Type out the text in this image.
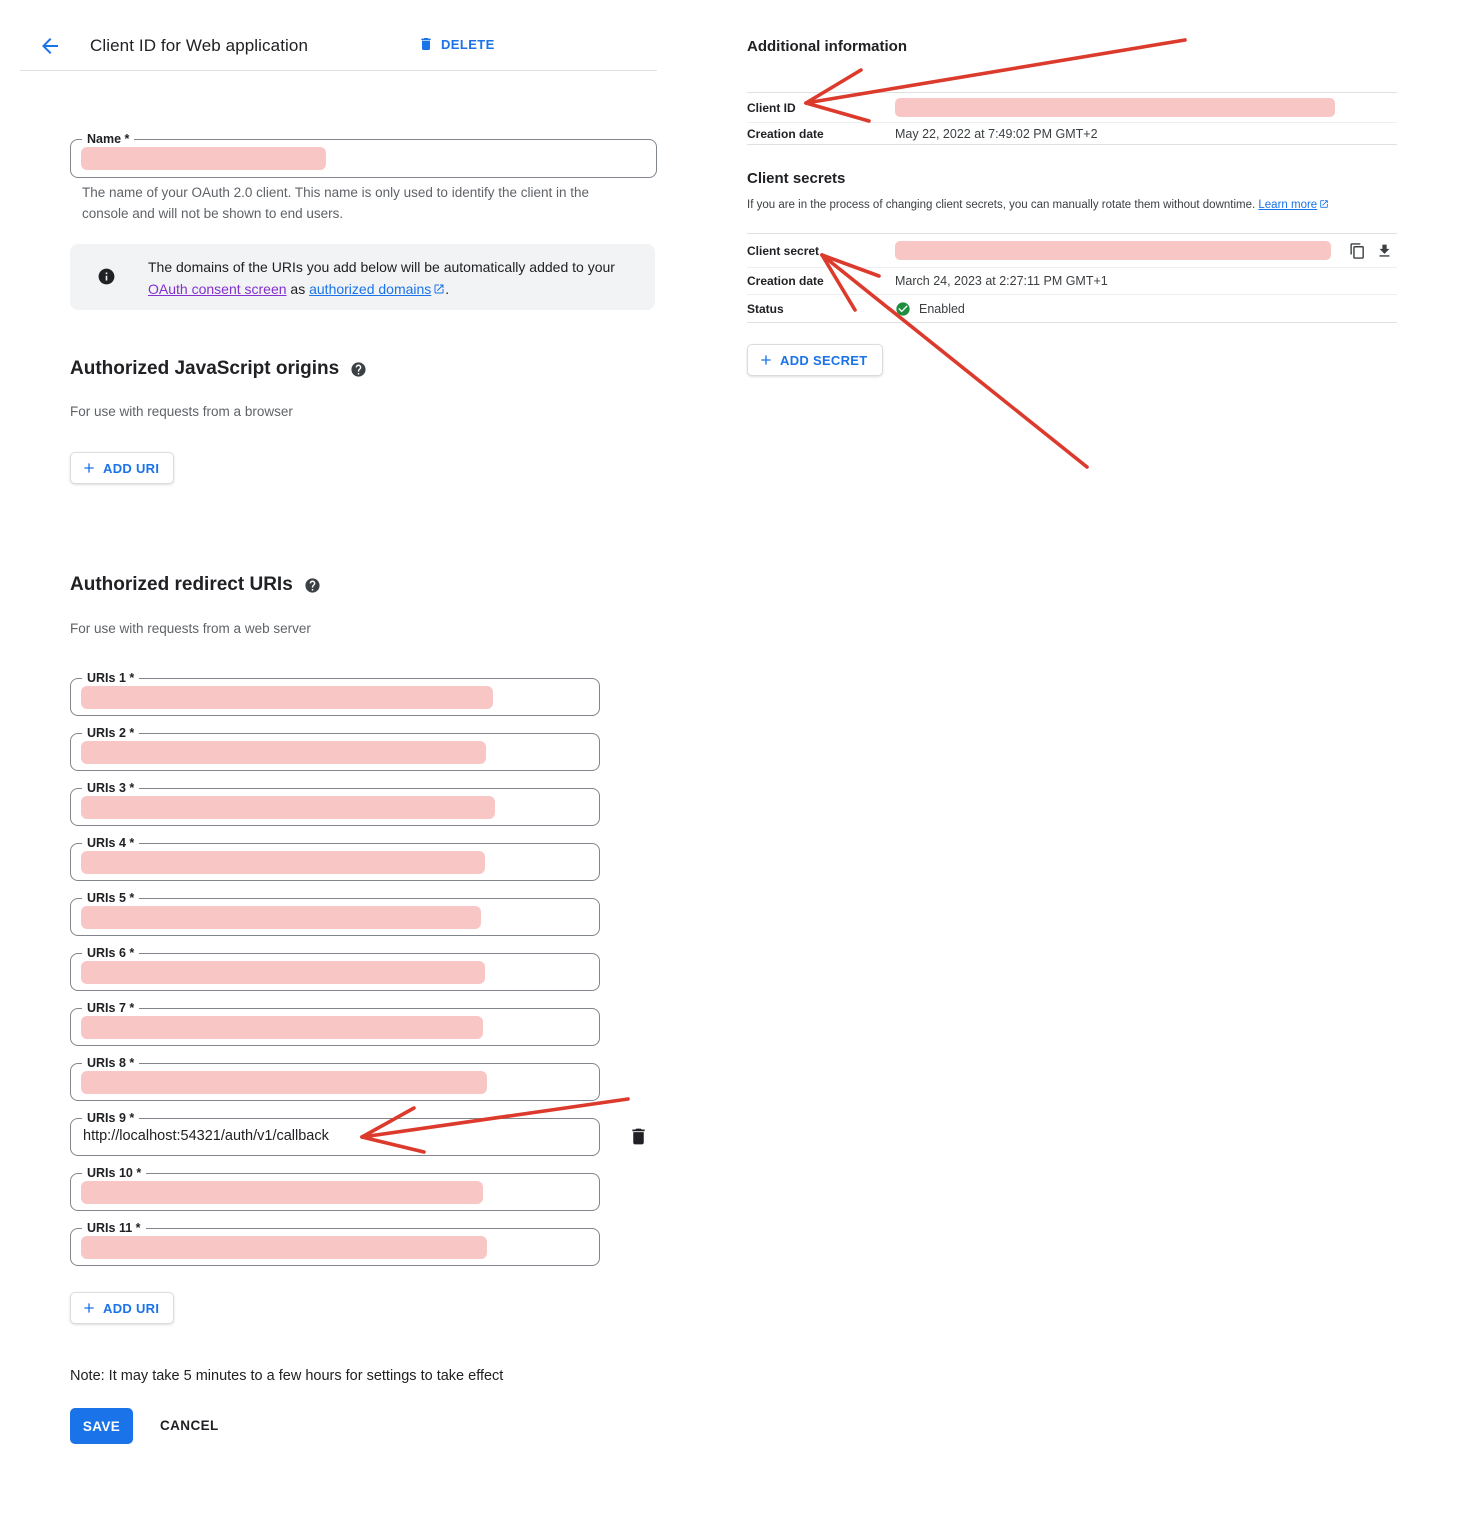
Client ID for Web application	DELETE
Name *
The name of your OAuth 2.0 client. This name is only used to identify the client in the console and will not be shown to end users.
The domains of the URIs you add below will be automatically added to your OAuth consent screen as authorized domains .
Authorized JavaScript origins
For use with requests from a browser
ADD URI
Authorized redirect URIs
For use with requests from a web server
URIs 1 *
URIs 2 *
URIs 3 *
URIs 4 *
URIs 5 *
URIs 6 *
URIs 7 *
URIs 8 *
URIs 9 *
http://localhost:54321/auth/v1/callback
URIs 10 *
URIs 11 *
ADD URI
Note: It may take 5 minutes to a few hours for settings to take effect
SAVE	CANCEL
Additional information
Client ID
Creation date	May 22, 2022 at 7:49:02 PM GMT+2
Client secrets
If you are in the process of changing client secrets, you can manually rotate them without downtime. Learn more
Client secret
Creation date	March 24, 2023 at 2:27:11 PM GMT+1
Status	Enabled
ADD SECRET
